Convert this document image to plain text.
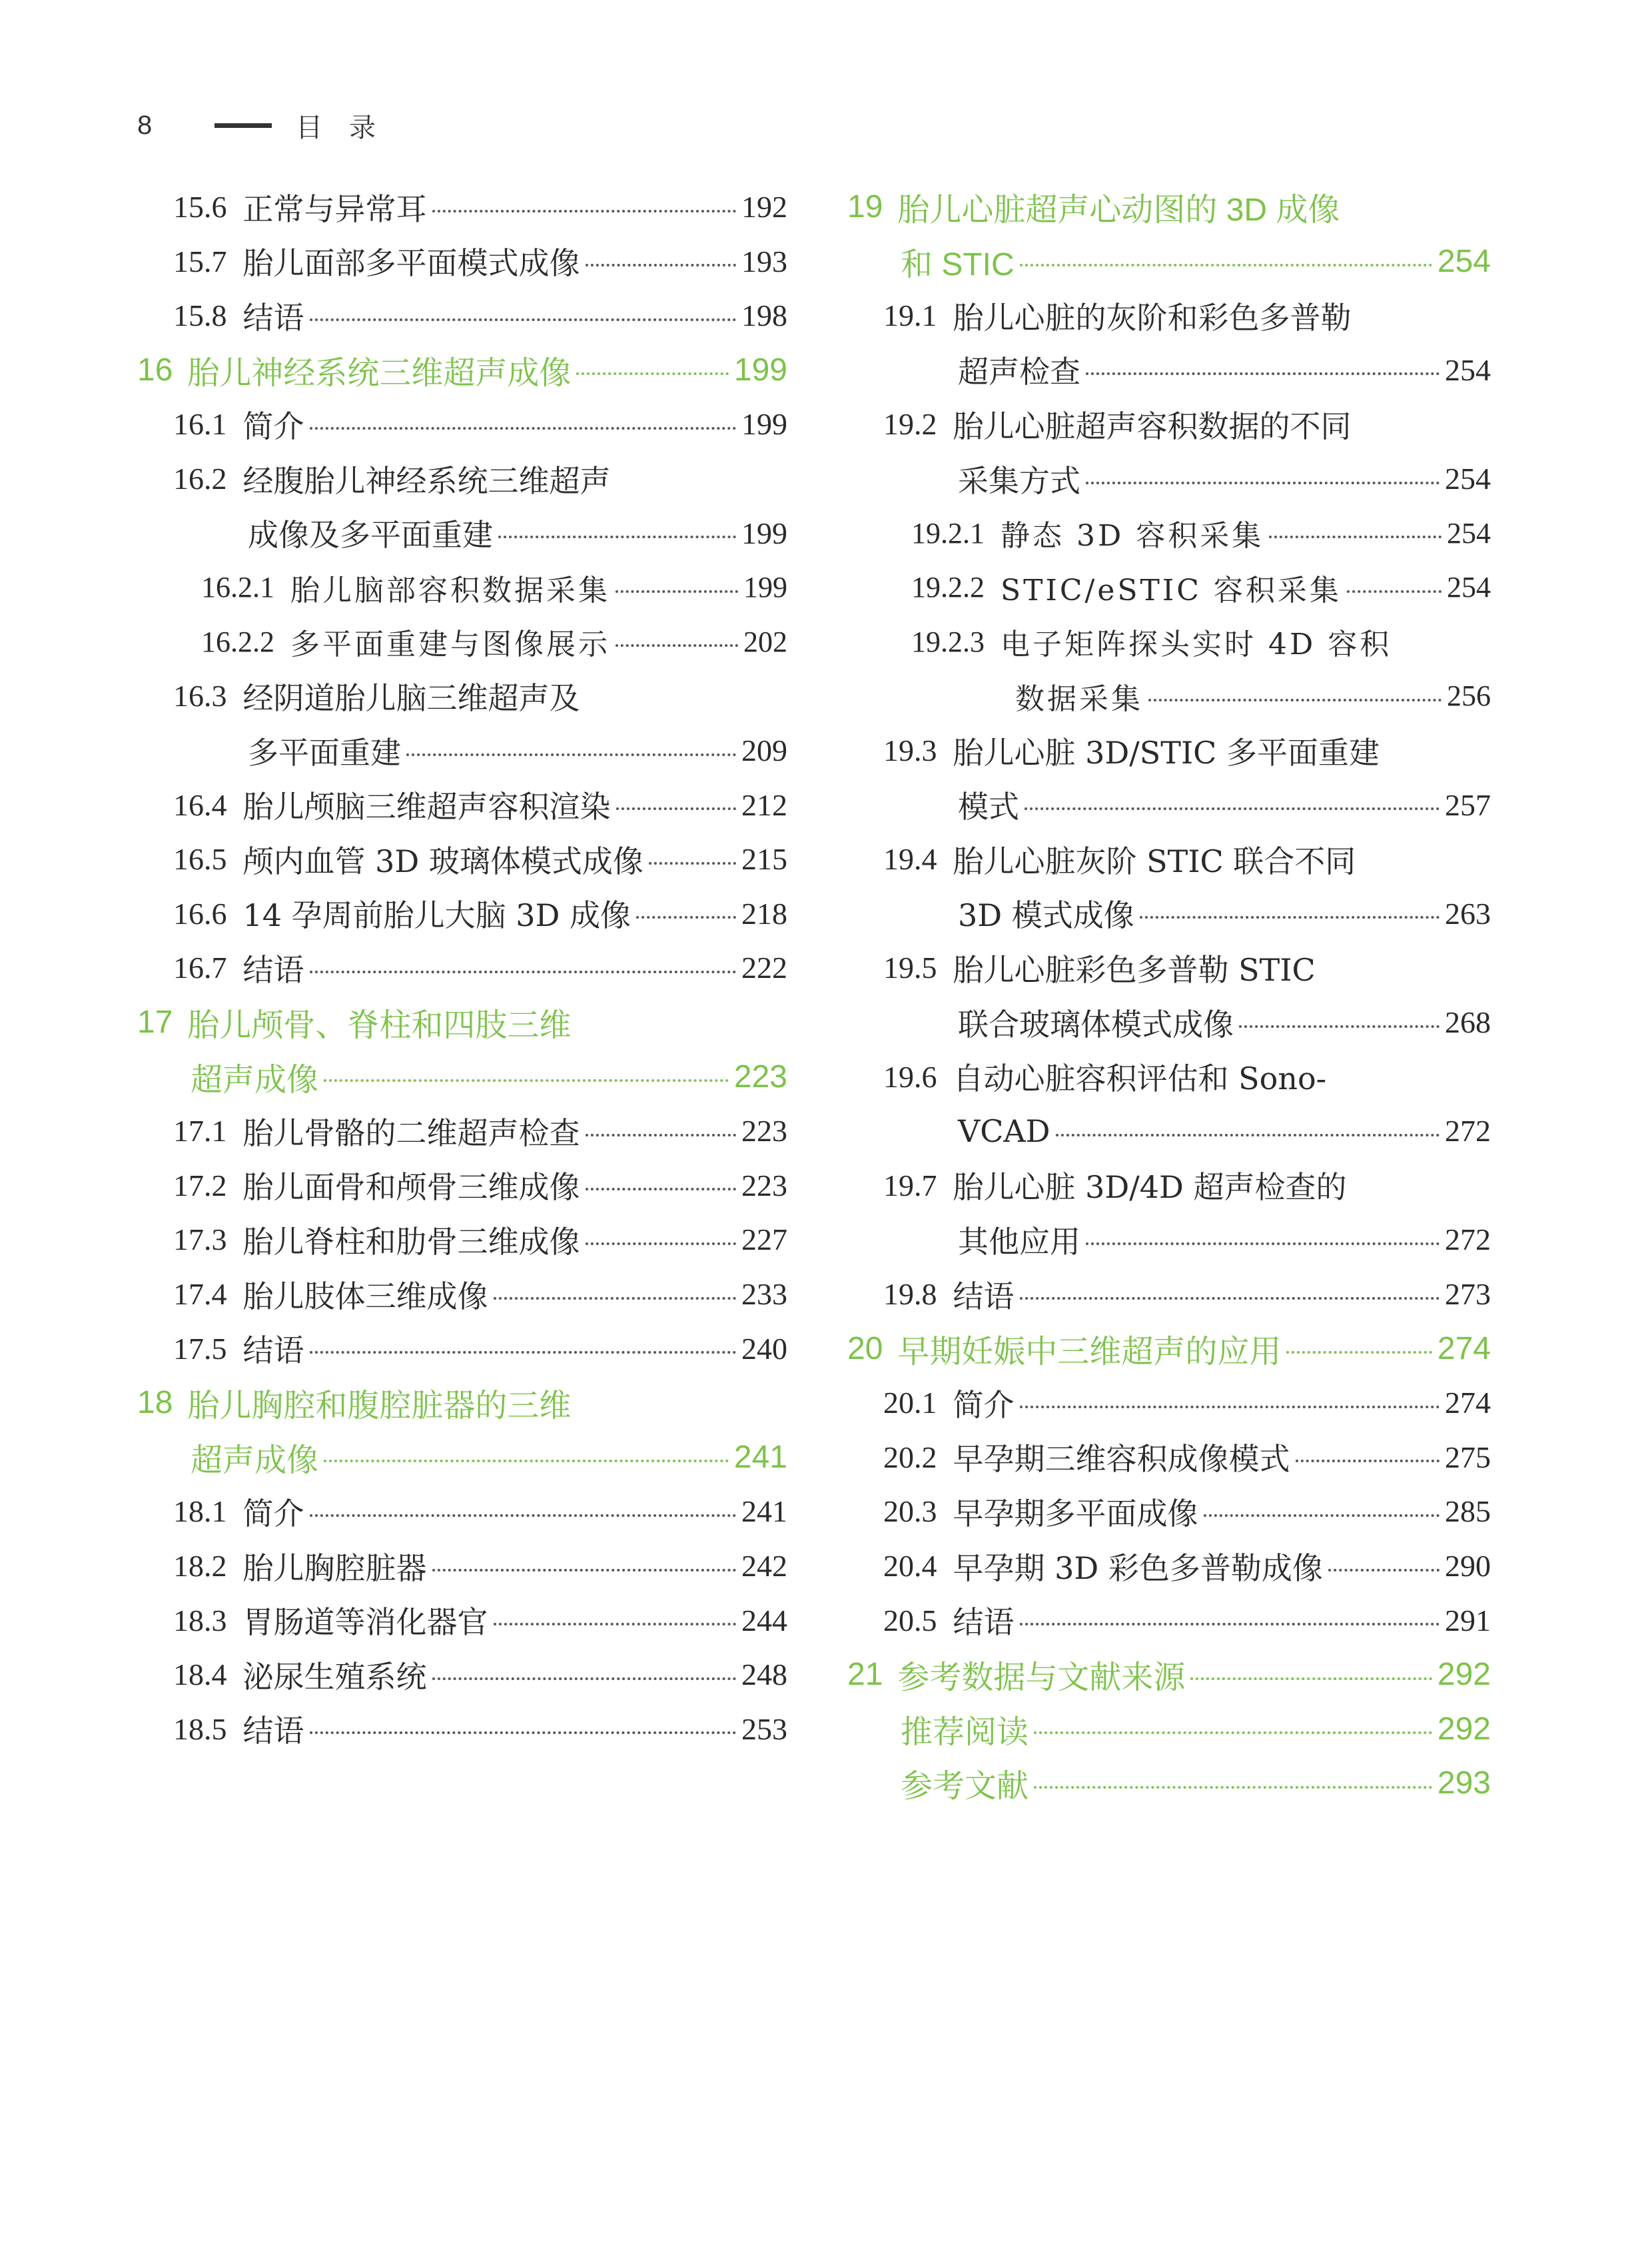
8	目录
15.6 正常与异常耳	192
15.7 胎儿面部多平面模式成像	193
15.8 结语	198
16 胎儿神经系统三维超声成像	199
16.1 简介	199
16.2 经腹胎儿神经系统三维超声
成像及多平面重建	199
16.2.1 胎儿脑部容积数据采集	199
16.2.2 多平面重建与图像展示	202
16.3 经阴道胎儿脑三维超声及
多平面重建	209
16.4 胎儿颅脑三维超声容积渲染	212
16.5 颅内血管 3D 玻璃体模式成像	215
16.6 14 孕周前胎儿大脑 3D 成像	218
16.7 结语	222
17 胎儿颅骨、脊柱和四肢三维
超声成像	223
17.1 胎儿骨骼的二维超声检查	223
17.2 胎儿面骨和颅骨三维成像	223
17.3 胎儿脊柱和肋骨三维成像	227
17.4 胎儿肢体三维成像	233
17.5 结语	240
18 胎儿胸腔和腹腔脏器的三维
超声成像	241
18.1 简介	241
18.2 胎儿胸腔脏器	242
18.3 胃肠道等消化器官	244
18.4 泌尿生殖系统	248
18.5 结语	253
19 胎儿心脏超声心动图的 3D 成像
和 STIC	254
19.1 胎儿心脏的灰阶和彩色多普勒
超声检查	254
19.2 胎儿心脏超声容积数据的不同
采集方式	254
19.2.1 静态 3D 容积采集	254
19.2.2 STIC/eSTIC 容积采集	254
19.2.3 电子矩阵探头实时 4D 容积
数据采集	256
19.3 胎儿心脏 3D/STIC 多平面重建
模式	257
19.4 胎儿心脏灰阶 STIC 联合不同
3D 模式成像	263
19.5 胎儿心脏彩色多普勒 STIC
联合玻璃体模式成像	268
19.6 自动心脏容积评估和 Sono-
VCAD	272
19.7 胎儿心脏 3D/4D 超声检查的
其他应用	272
19.8 结语	273
20 早期妊娠中三维超声的应用	274
20.1 简介	274
20.2 早孕期三维容积成像模式	275
20.3 早孕期多平面成像	285
20.4 早孕期 3D 彩色多普勒成像	290
20.5 结语	291
21 参考数据与文献来源	292
推荐阅读	292
参考文献	293
